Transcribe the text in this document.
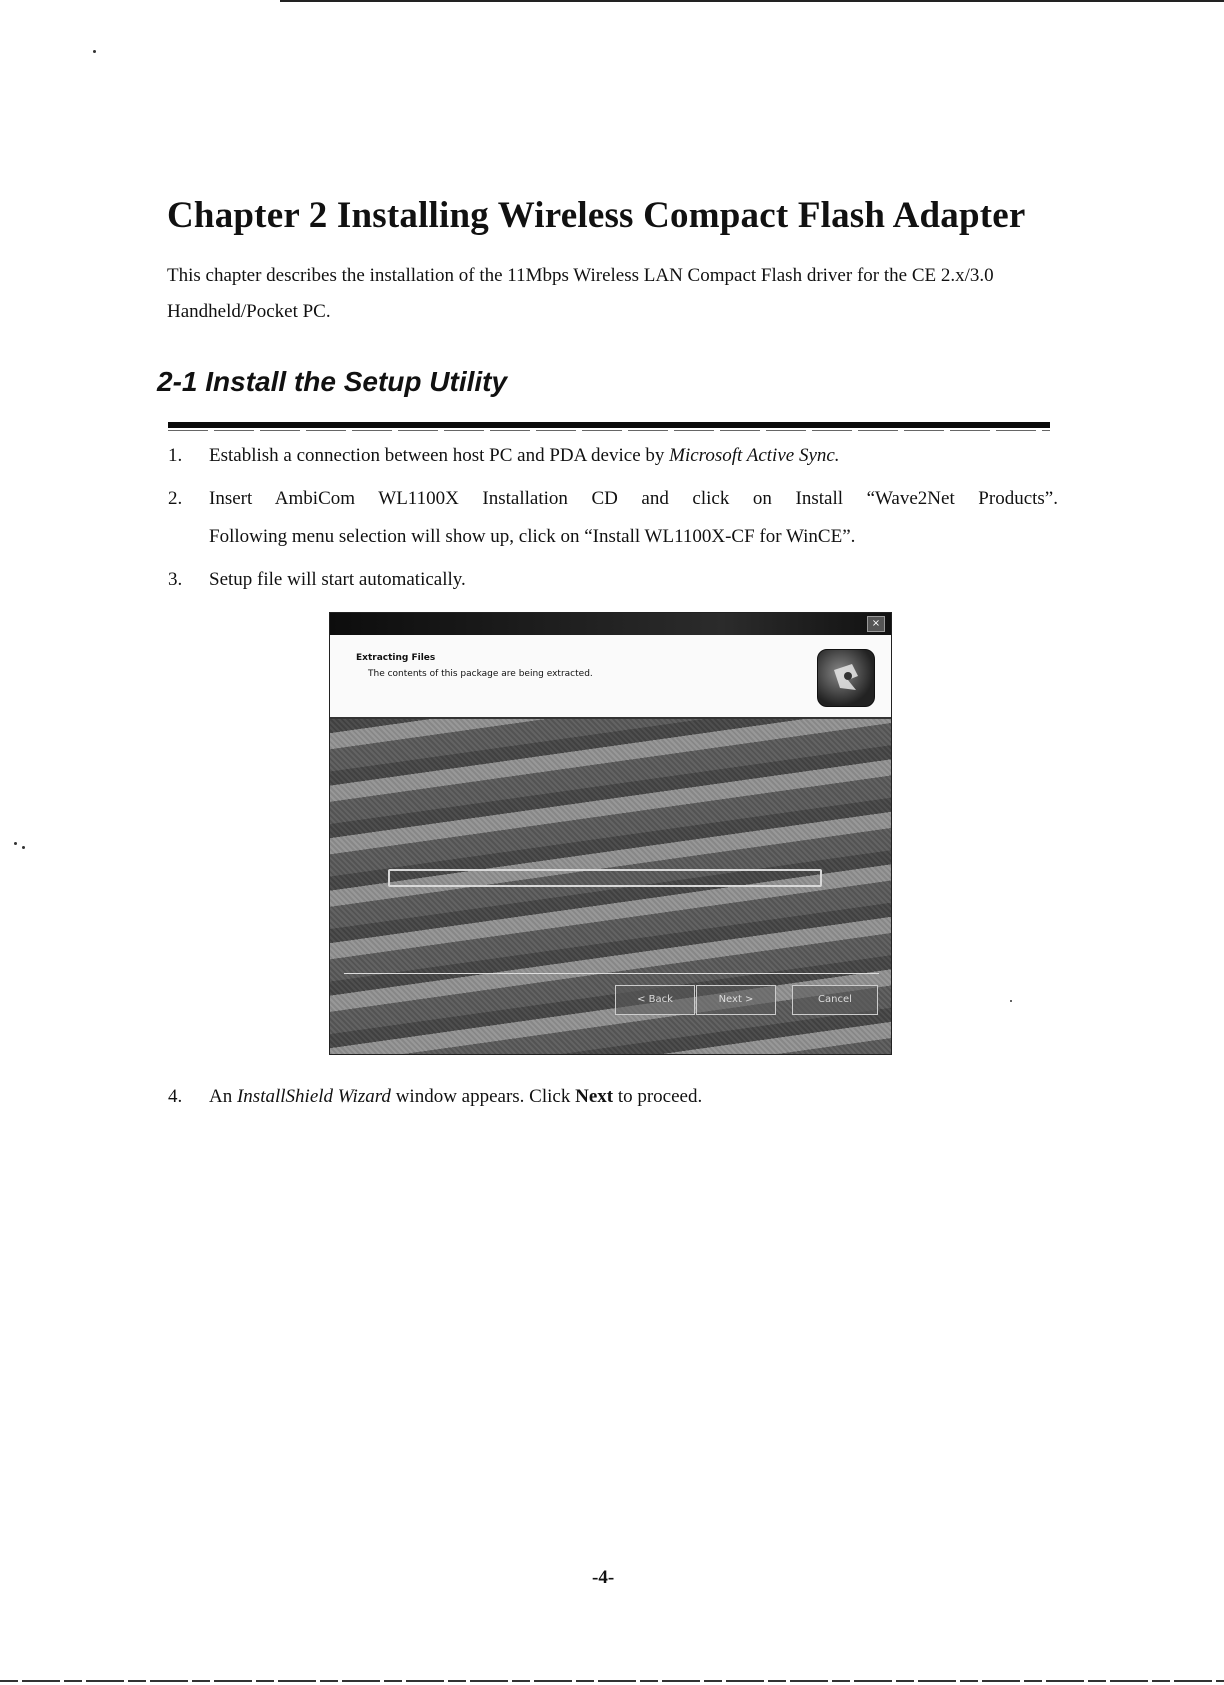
Chapter 2 Installing Wireless Compact Flash Adapter

This chapter describes the installation of the 11Mbps Wireless LAN Compact Flash driver for the CE 2.x/3.0 Handheld/Pocket PC.

2-1 Install the Setup Utility
1.	Establish a connection between host PC and PDA device by Microsoft Active Sync.
2.	Insert AmbiCom WL1100X Installation CD and click on Install “Wave2Net Products”.
Following menu selection will show up, click on “Install WL1100X-CF for WinCE”.
3.	Setup file will start automatically.
×
Extracting Files
The contents of this package are being extracted.
< Back	Next >	Cancel
4.	An InstallShield Wizard window appears. Click Next to proceed.
-4-
